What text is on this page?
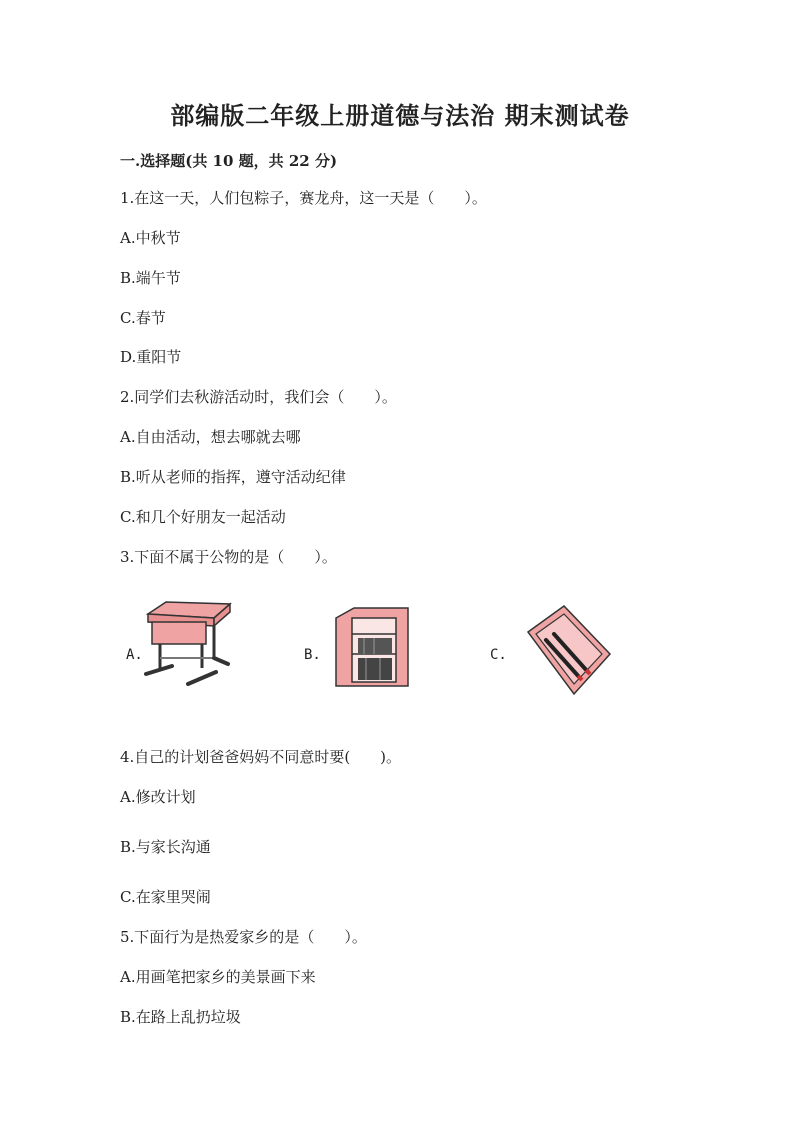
部编版二年级上册道德与法治 期末测试卷
一.选择题(共 10 题，共 22 分)
1.在这一天，人们包粽子，赛龙舟，这一天是（　　）。
A.中秋节
B.端午节
C.春节
D.重阳节
2.同学们去秋游活动时，我们会（　　）。
A.自由活动，想去哪就去哪
B.听从老师的指挥，遵守活动纪律
C.和几个好朋友一起活动
3.下面不属于公物的是（　　）。
A.	B.	C.
4.自己的计划爸爸妈妈不同意时要(　　)。
A.修改计划
B.与家长沟通
C.在家里哭闹
5.下面行为是热爱家乡的是（　　）。
A.用画笔把家乡的美景画下来
B.在路上乱扔垃圾
